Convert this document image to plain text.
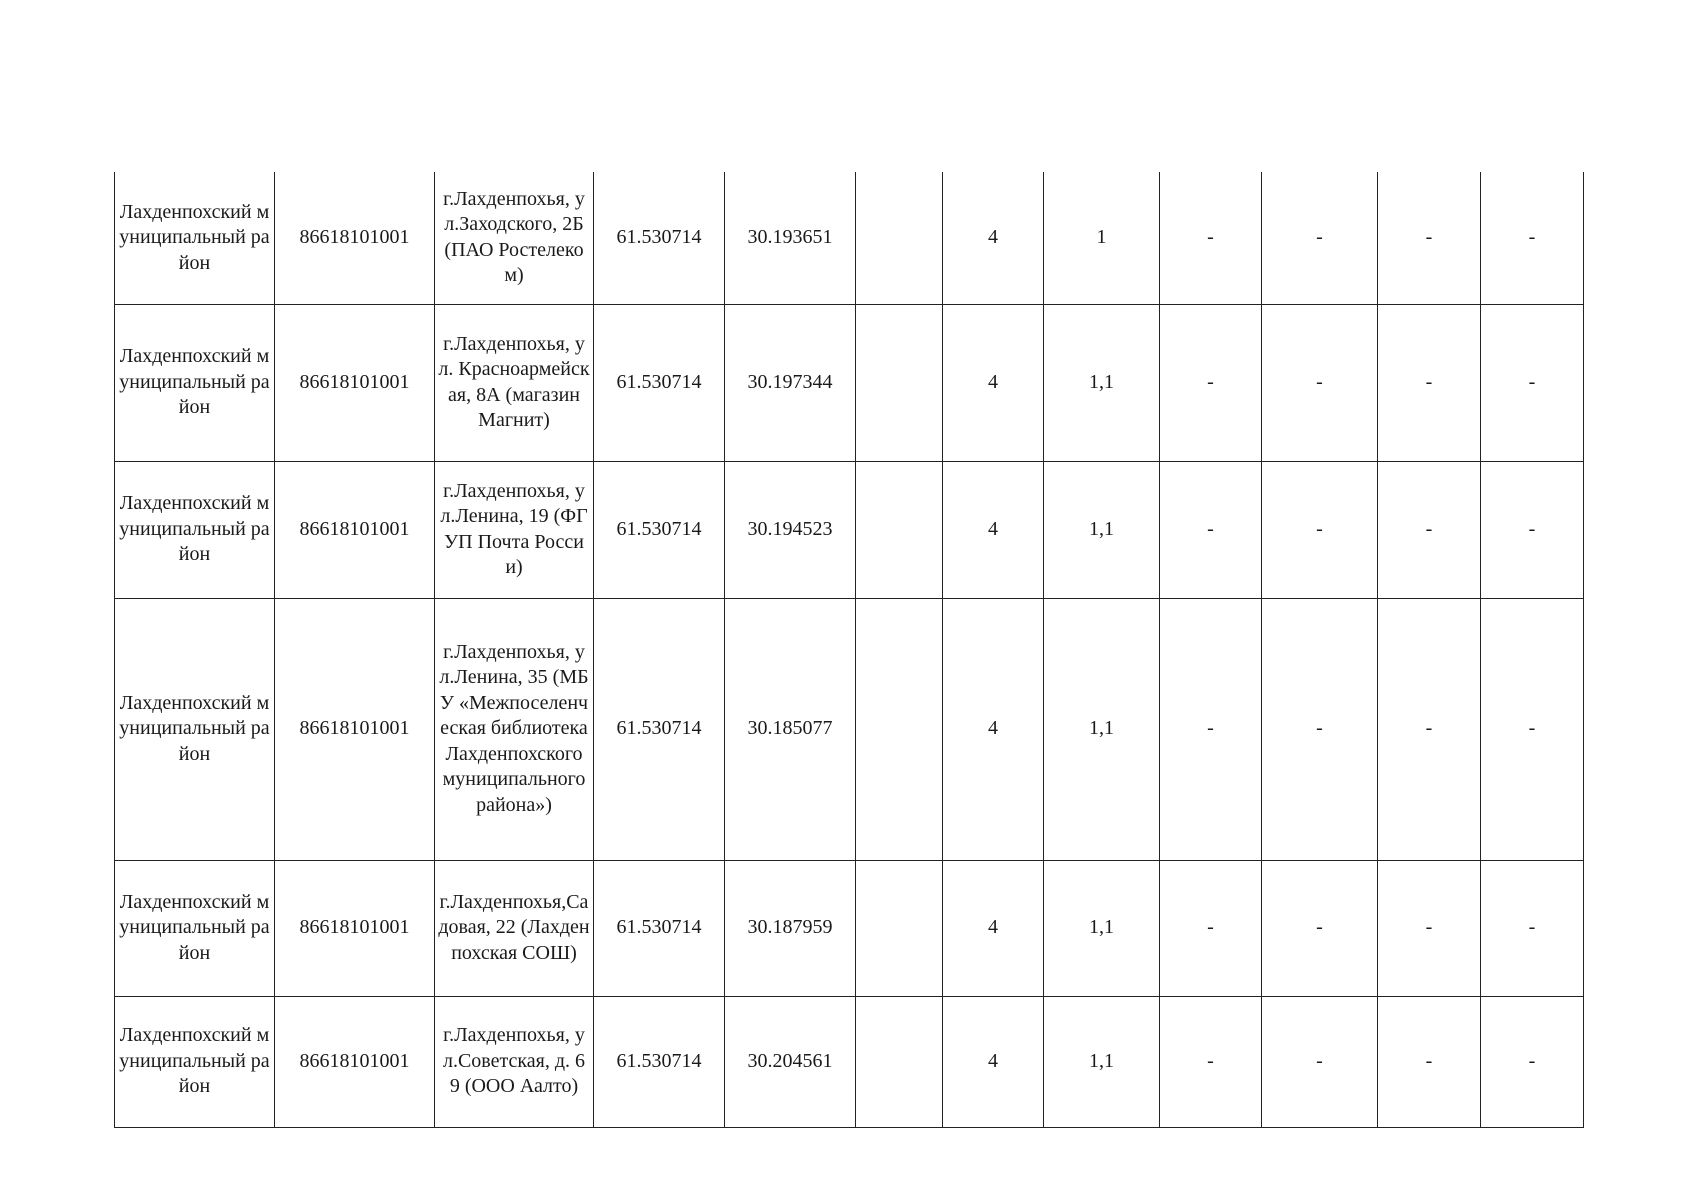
Лахденпохский муниципальный район	86618101001	г.Лахденпохья, ул.Заходского, 2Б (ПАО Ростелеком)	61.530714	30.193651		4	1	-	-	-	-
Лахденпохский муниципальный район	86618101001	г.Лахденпохья, ул. Красноармейская, 8А (магазин Магнит)	61.530714	30.197344		4	1,1	-	-	-	-
Лахденпохский муниципальный район	86618101001	г.Лахденпохья, ул.Ленина, 19 (ФГУП Почта России)	61.530714	30.194523		4	1,1	-	-	-	-
Лахденпохский муниципальный район	86618101001	г.Лахденпохья, ул.Ленина, 35 (МБУ «Межпоселенческая библиотека Лахденпохского муниципального района»)	61.530714	30.185077		4	1,1	-	-	-	-
Лахденпохский муниципальный район	86618101001	г.Лахденпохья,Садовая, 22 (Лахденпохская СОШ)	61.530714	30.187959		4	1,1	-	-	-	-
Лахденпохский муниципальный район	86618101001	г.Лахденпохья, ул.Советская, д. 69 (ООО Аалто)	61.530714	30.204561		4	1,1	-	-	-	-
